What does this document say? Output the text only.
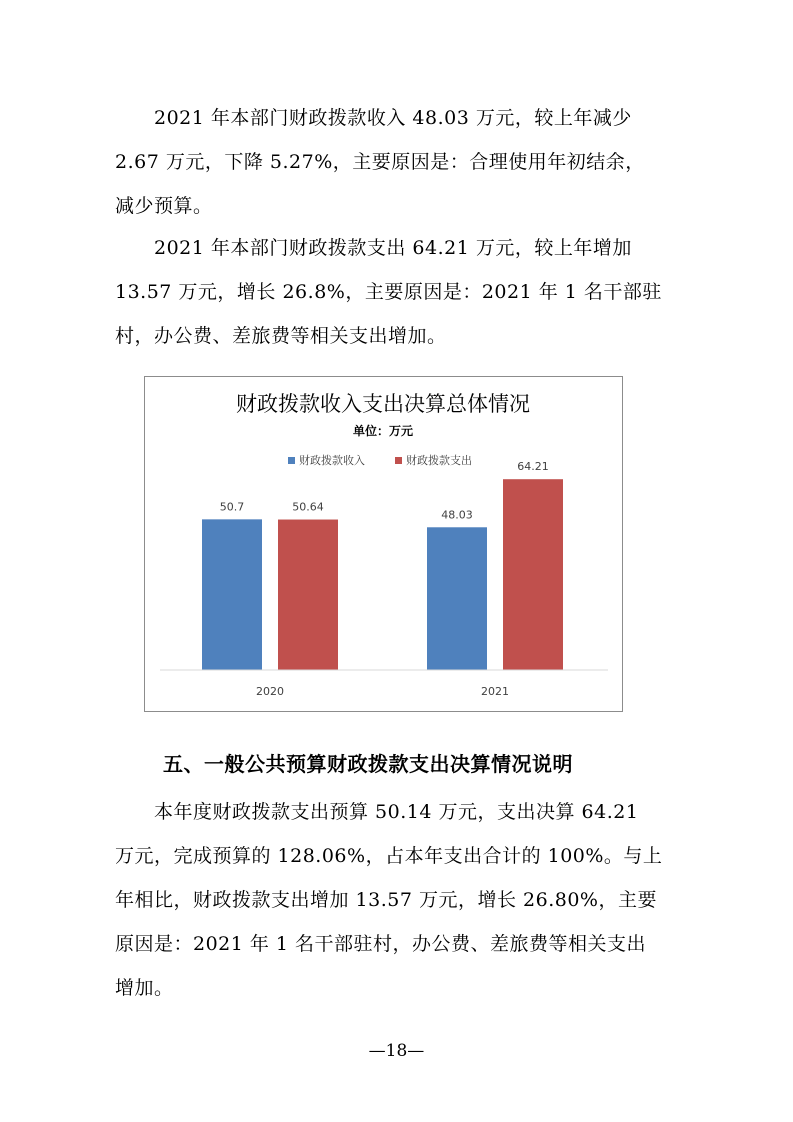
　　2021 年本部门财政拨款收入 48.03 万元，较上年减少
2.67 万元，下降 5.27%，主要原因是：合理使用年初结余，
减少预算。
　　2021 年本部门财政拨款支出 64.21 万元，较上年增加
13.57 万元，增长 26.8%，主要原因是：2021 年 1 名干部驻
村，办公费、差旅费等相关支出增加。
财政拨款收入支出决算总体情况
单位：万元
财政拨款收入	财政拨款支出
50.7	50.64
48.03
64.21
2020	2021
五、一般公共预算财政拨款支出决算情况说明
　　本年度财政拨款支出预算 50.14 万元，支出决算 64.21
万元，完成预算的 128.06%，占本年支出合计的 100%。与上
年相比，财政拨款支出增加 13.57 万元，增长 26.80%，主要
原因是：2021 年 1 名干部驻村，办公费、差旅费等相关支出
增加。
—18—
